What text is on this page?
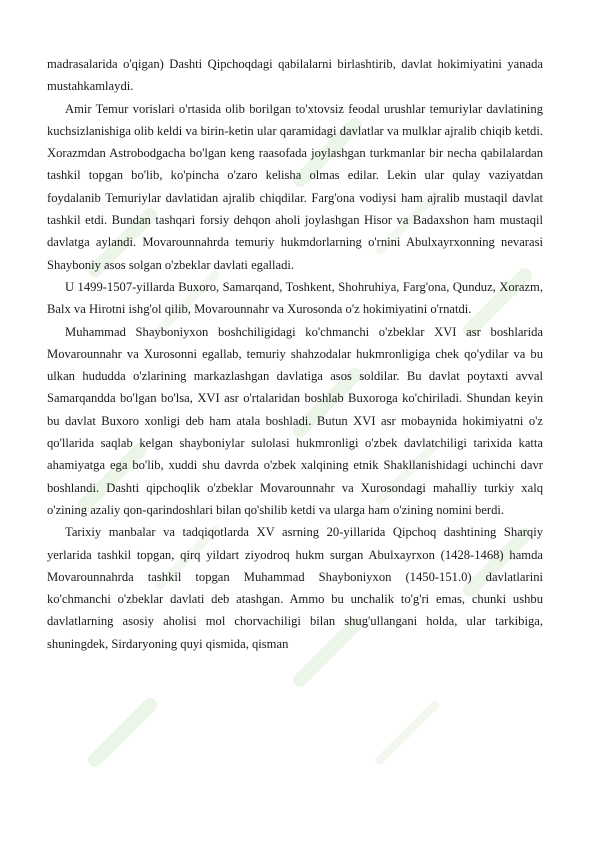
madrasalarida o'qigan) Dashti Qipchoqdagi qabilalarni birlashtirib, davlat hokimiyatini yanada mustahkamlaydi.

Amir Temur vorislari o'rtasida olib borilgan to'xtovsiz feodal urushlar temuriylar davlatining kuchsizlanishiga olib keldi va birin-ketin ular qaramidagi davlatlar va mulklar ajralib chiqib ketdi. Xorazmdan Astrobodgacha bo'lgan keng raasofada joylashgan turkmanlar bir necha qabilalardan tashkil topgan bo'lib, ko'pincha o'zaro kelisha olmas edilar. Lekin ular qulay vaziyatdan foydalanib Temuriylar davlatidan ajralib chiqdilar. Farg'ona vodiysi ham ajralib mustaqil davlat tashkil etdi. Bundan tashqari forsiy dehqon aholi joylashgan Hisor va Badaxshon ham mustaqil davlatga aylandi. Movarounnahrda temuriy hukmdorlarning o'rnini Abulxayrxonning nevarasi Shayboniy asos solgan o'zbeklar davlati egalladi.

U 1499-1507-yillarda Buxoro, Samarqand, Toshkent, Shohruhiya, Farg'ona, Qunduz, Xorazm, Balx va Hirotni ishg'ol qilib, Movarounnahr va Xurosonda o'z hokimiyatini o'rnatdi.

Muhammad Shayboniyxon boshchiligidagi ko'chmanchi o'zbeklar XVI asr boshlarida Movarounnahr va Xurosonni egallab, temuriy shahzodalar hukmronligiga chek qo'ydilar va bu ulkan hududda o'zlarining markazlashgan davlatiga asos soldilar. Bu davlat poytaxti avval Samarqandda bo'lgan bo'lsa, XVI asr o'rtalaridan boshlab Buxoroga ko'chiriladi. Shundan keyin bu davlat Buxoro xonligi deb ham atala boshladi. Butun XVI asr mobaynida hokimiyatni o'z qo'llarida saqlab kelgan shayboniylar sulolasi hukmronligi o'zbek davlatchiligi tarixida katta ahamiyatga ega bo'lib, xuddi shu davrda o'zbek xalqining etnik Shakllanishidagi uchinchi davr boshlandi. Dashti qipchoqlik o'zbeklar Movarounnahr va Xurosondagi mahalliy turkiy xalq o'zining azaliy qon-qarindoshlari bilan qo'shilib ketdi va ularga ham o'zining nomini berdi.

Tarixiy manbalar va tadqiqotlarda XV asrning 20-yillarida Qipchoq dashtining Sharqiy yerlarida tashkil topgan, qirq yildart ziyodroq hukm surgan Abulxayrxon (1428-1468) hamda Movarounnahrda tashkil topgan Muhammad Shayboniyxon (1450-151.0) davlatlarini ko'chmanchi o'zbeklar davlati deb atashgan. Ammo bu unchalik to'g'ri emas, chunki ushbu davlatlarning asosiy aholisi mol chorvachiligi bilan shug'ullangani holda, ular tarkibiga, shuningdek, Sirdaryoning quyi qismida, qisman
